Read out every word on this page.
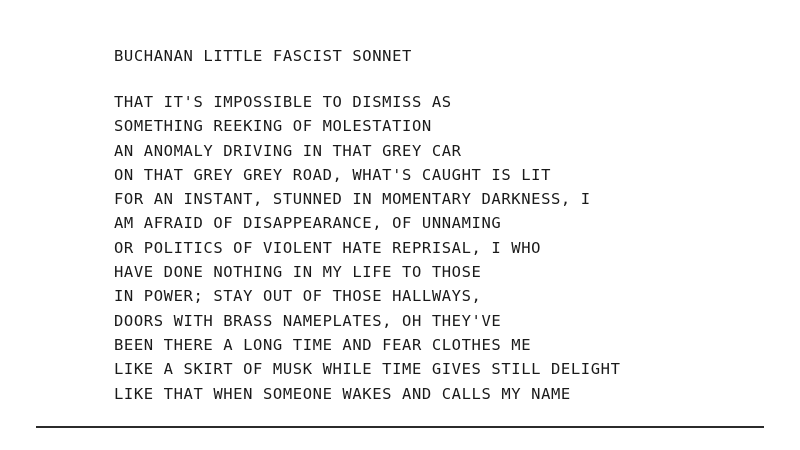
BUCHANAN LITTLE FASCIST SONNET
THAT IT'S IMPOSSIBLE TO DISMISS AS
SOMETHING REEKING OF MOLESTATION
AN ANOMALY DRIVING IN THAT GREY CAR
ON THAT GREY GREY ROAD, WHAT'S CAUGHT IS LIT
FOR AN INSTANT, STUNNED IN MOMENTARY DARKNESS, I
AM AFRAID OF DISAPPEARANCE, OF UNNAMING
OR POLITICS OF VIOLENT HATE REPRISAL, I WHO
HAVE DONE NOTHING IN MY LIFE TO THOSE
IN POWER; STAY OUT OF THOSE HALLWAYS,
DOORS WITH BRASS NAMEPLATES, OH THEY'VE
BEEN THERE A LONG TIME AND FEAR CLOTHES ME
LIKE A SKIRT OF MUSK WHILE TIME GIVES STILL DELIGHT
LIKE THAT WHEN SOMEONE WAKES AND CALLS MY NAME
